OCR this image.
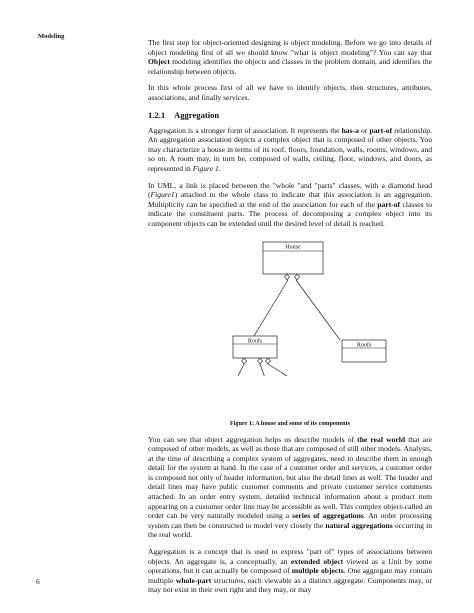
Modeling

The first step for object-oriented designing is object modeling. Before we go into details of object modeling first of all we should know "what is object modeling"? You can say that Object modeling identifies the objects and classes in the problem domain, and identifies the relationship between objects.

In this whole process first of all we have to identify objects, then structures, attributes, associations, and finally services.

1.2.1 Aggregation

Aggregation is a stronger form of association. It represents the has-a or part-of relationship. An aggregation association depicts a complex object that is composed of other objects. You may characterize a house in terms of its roof, floors, foundation, walls, rooms, windows, and so on. A room may, in turn be, composed of walls, ceiling, floor, windows, and doors, as represented in Figure 1.

In UML, a link is placed between the "whole "and "parts" classes, with a diamond head (Figure1) attached to the whole class to indicate that this association is an aggregation. Multiplicity can be specified at the end of the association for each of the part-of classes to indicate the constituent parts. The process of decomposing a complex object into its component objects can be extended until the desired level of detail is reached.

House
Roofs
Roofs
Doors	Windows	Walls
Figure 1: A house and some of its components

You can see that object aggregation helps us describe models of the real world that are composed of other models, as well as those that are composed of still other models. Analysts, at the time of describing a complex system of aggregates, need to describe them in enough detail for the system at hand. In the case of a customer order and services, a customer order is composed not only of header information, but also the detail lines as well. The header and detail lines may have public customer comments and private customer service comments attached. In an order entry system, detailed technical information about a product item appearing on a customer order line may be accessible as well. This complex object-called an order can be very naturally modeled using a series of aggregations. An order processing system can then be constructed to model very closely the natural aggregations occurring in the real world.

Aggregation is a concept that is used to express "part of" types of associations between objects. An aggregate is, a conceptually, an extended object viewed as a Unit by some operations, but it can actually be composed of multiple objects. One aggregate may contain multiple whole-part structures, each viewable as a distinct aggregate. Components may, or may not exist in their own right and they may, or may

6
